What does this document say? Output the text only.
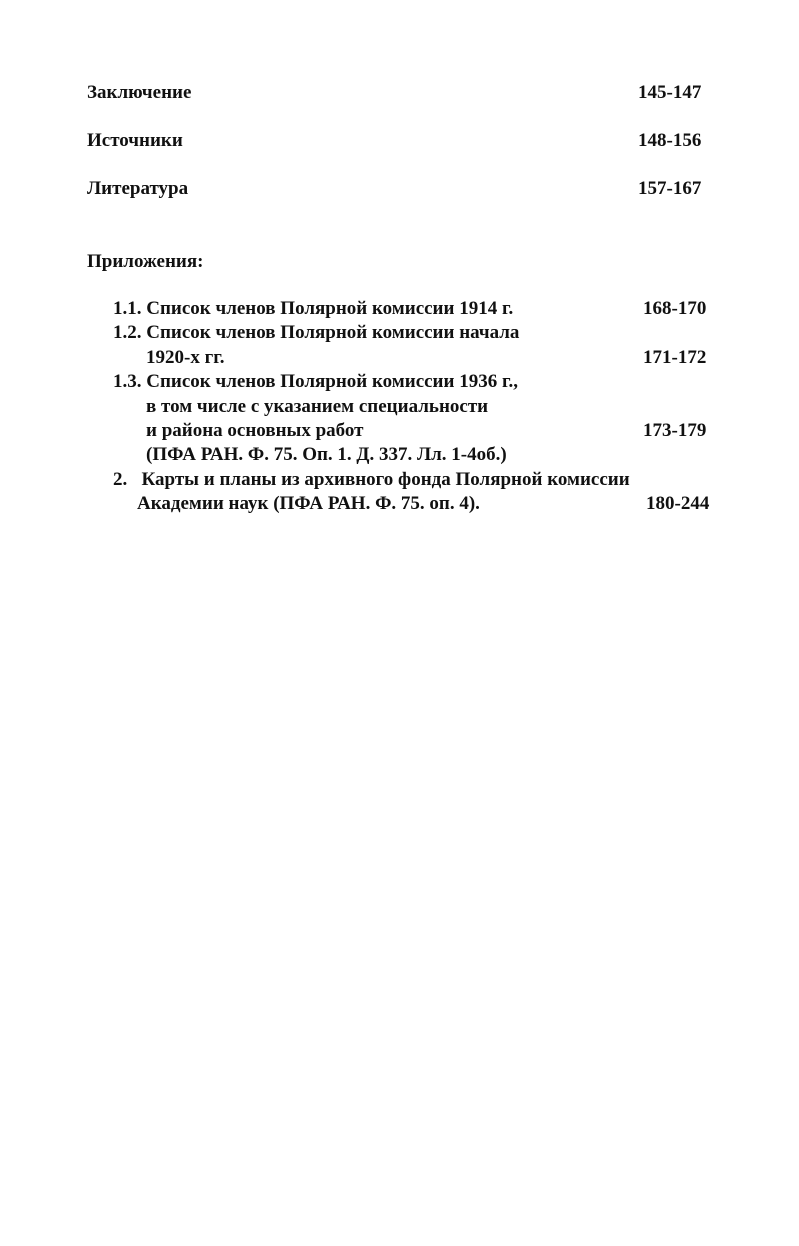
Заключение	145-147
Источники	148-156
Литература	157-167
Приложения:
1.1. Список членов Полярной комиссии 1914 г.	168-170
1.2. Список членов Полярной комиссии начала
1920-х гг.	171-172
1.3. Список членов Полярной комиссии 1936 г.,
в том числе с указанием специальности
и района основных работ	173-179
(ПФА РАН. Ф. 75. Оп. 1. Д. 337. Лл. 1-4об.)
2.   Карты и планы из архивного фонда Полярной комиссии
Академии наук (ПФА РАН. Ф. 75. оп. 4).	180-244
